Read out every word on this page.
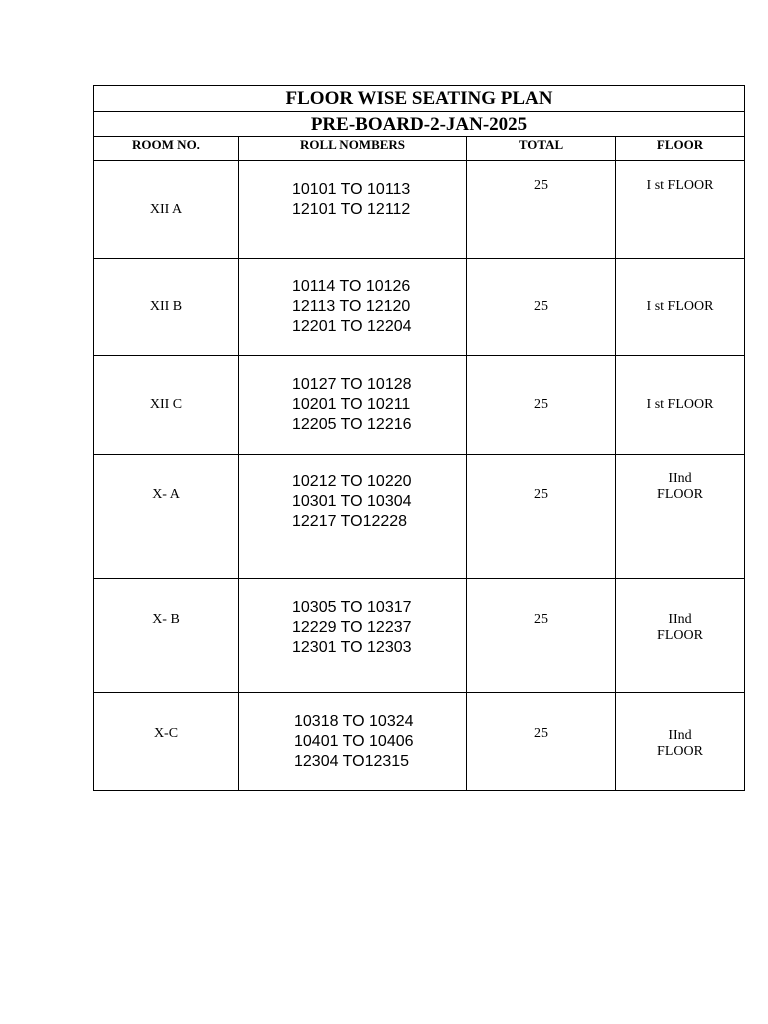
FLOOR WISE SEATING PLAN			
PRE-BOARD-2-JAN-2025			
ROOM NO.	ROLL NOMBERS	TOTAL	FLOOR
XII A	10101 TO 10113
12101 TO 12112	25	I st FLOOR

XII B	10114 TO 10126
12113 TO 12120
12201 TO 12204	25	I st FLOOR

XII C	10127 TO 10128
10201 TO 10211
12205 TO 12216	25	I st FLOOR

X- A	10212 TO 10220
10301 TO 10304
12217 TO12228	25	IInd
FLOOR

X- B	10305 TO 10317
12229 TO 12237
12301 TO 12303	25	IInd
FLOOR

X-C	10318 TO 10324
10401 TO 10406
12304 TO12315	25	IInd
FLOOR
